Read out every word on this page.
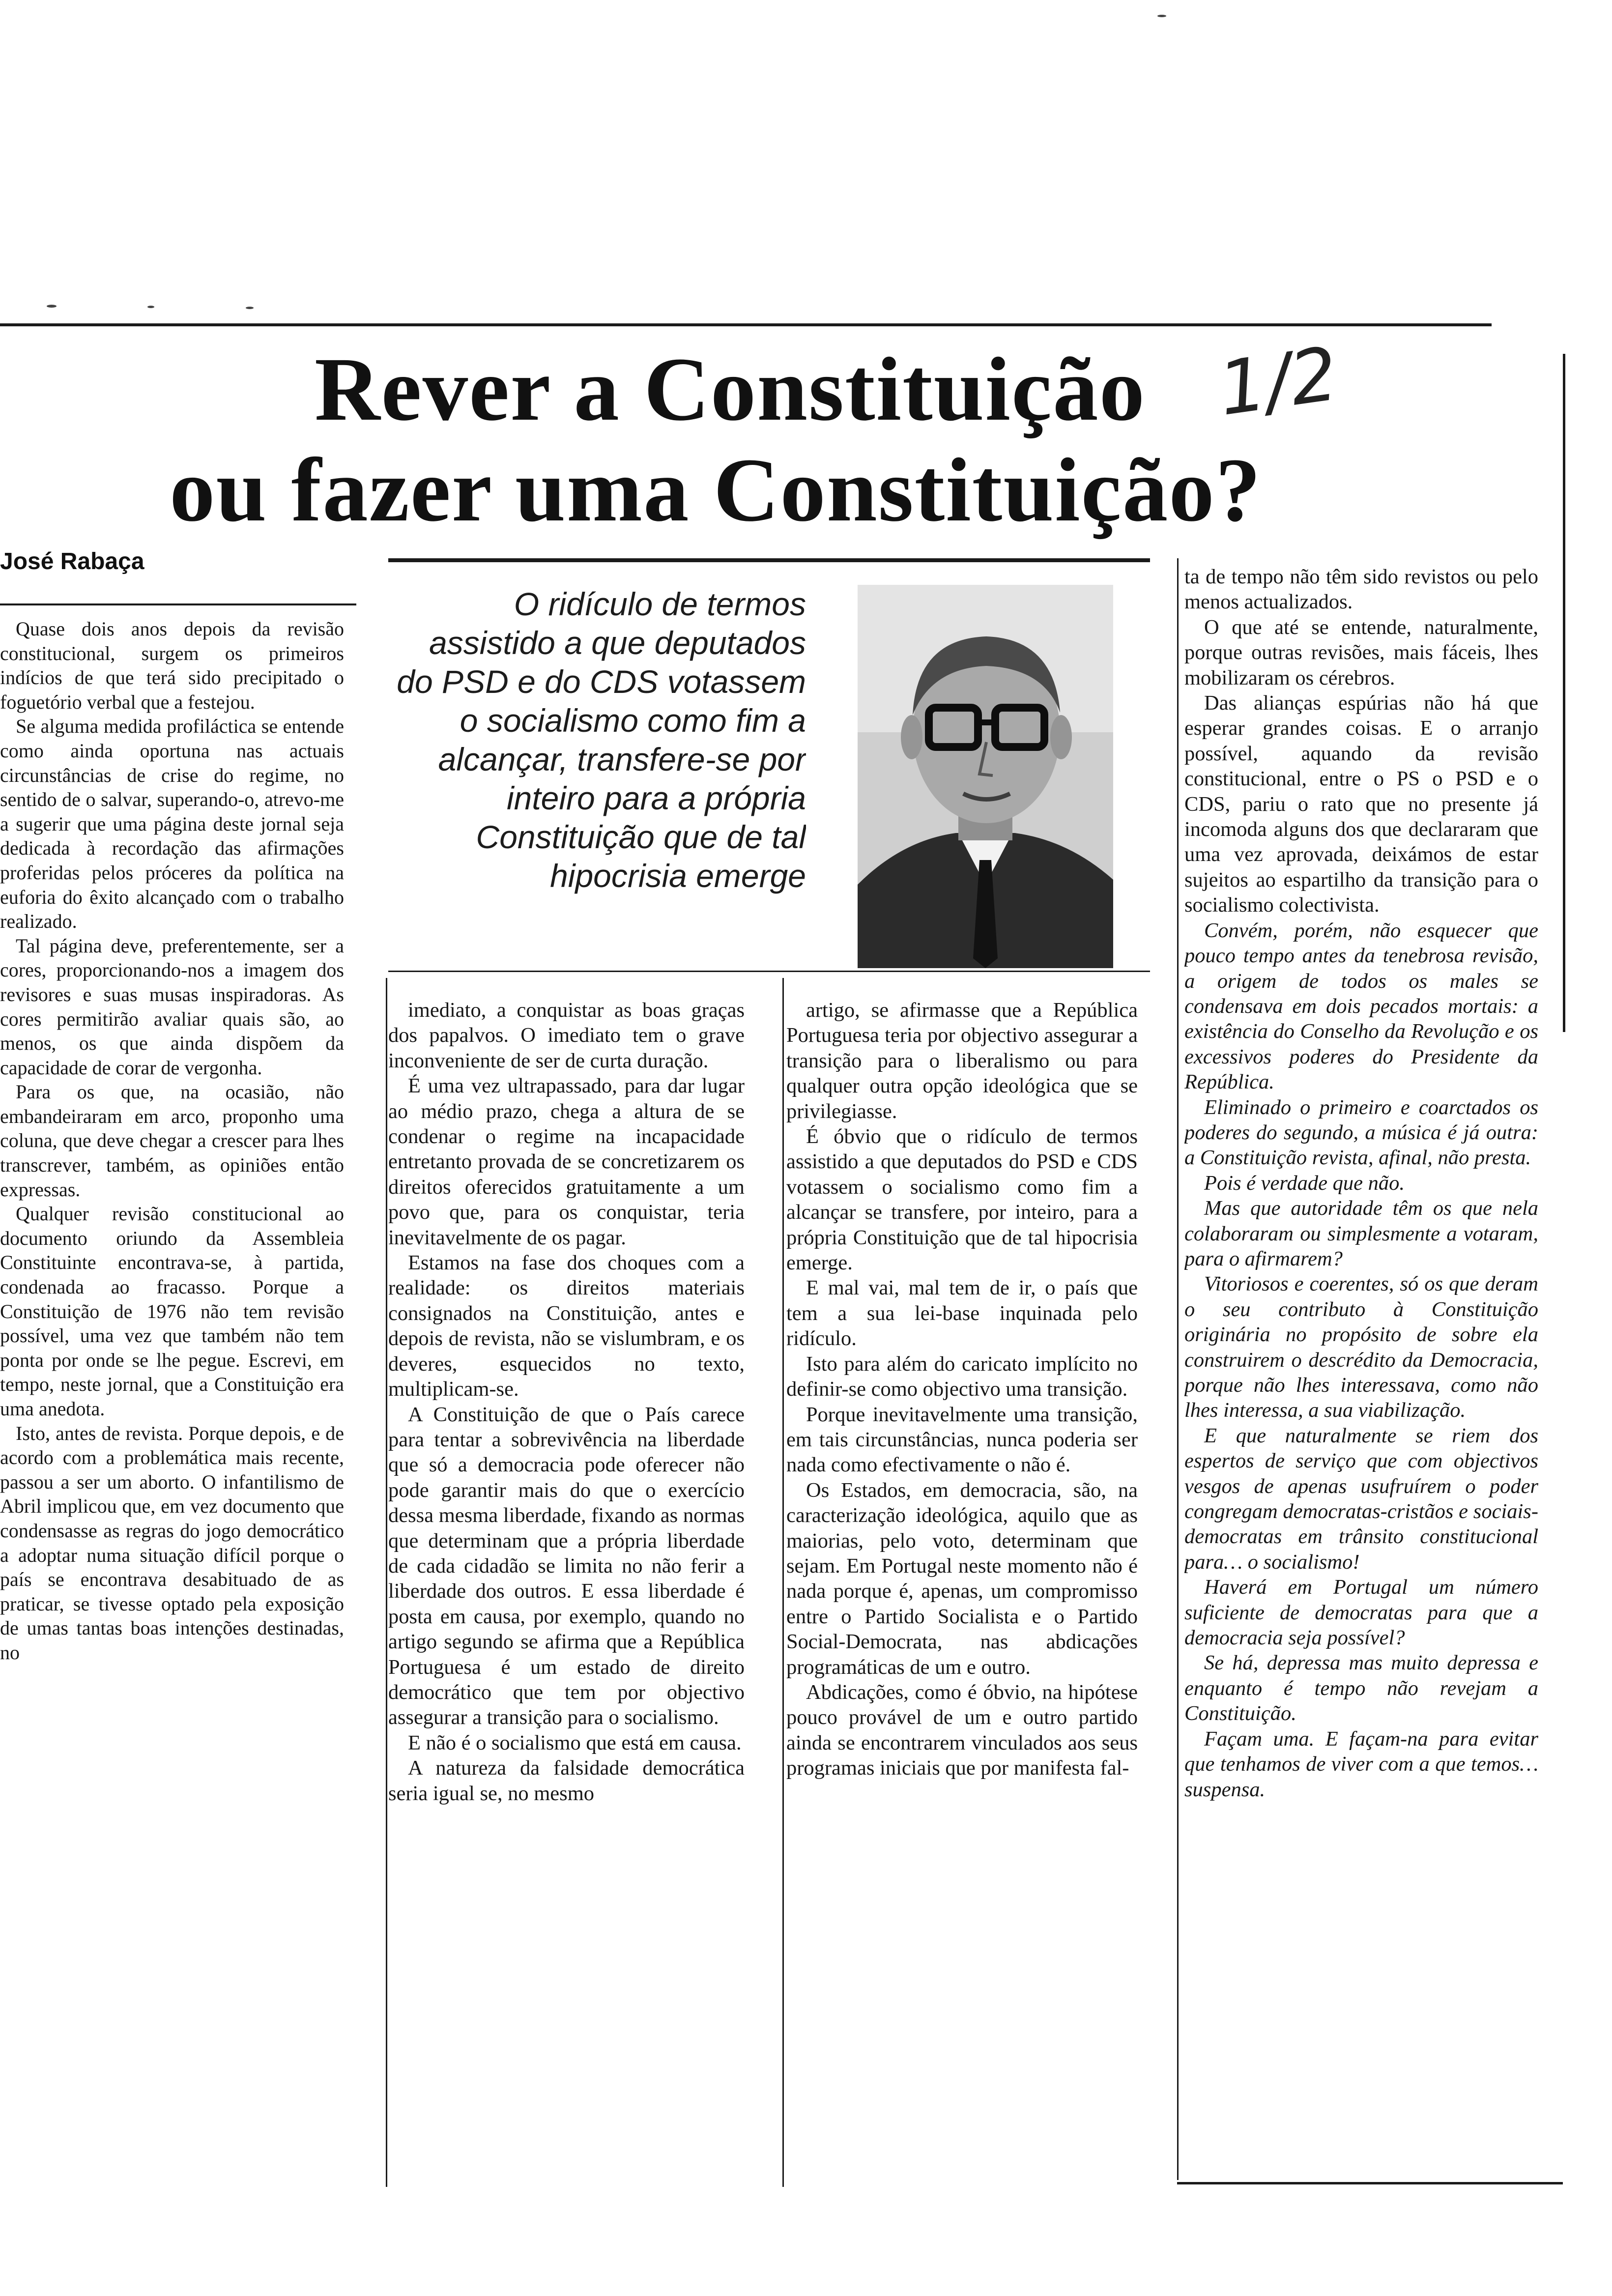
Rever a Constituição
ou fazer uma Constituição?
1/2
José Rabaça
O ridículo de termos assistido a que deputados do PSD e do CDS votassem o socialismo como fim a alcançar, transfere-se por inteiro para a própria Constituição que de tal hipocrisia emerge

Quase dois anos depois da revisão constitucional, surgem os primeiros indícios de que terá sido precipitado o foguetório verbal que a festejou.

Se alguma medida profiláctica se entende como ainda oportuna nas actuais circunstâncias de crise do regime, no sentido de o salvar, superando-o, atrevo-me a sugerir que uma página deste jornal seja dedicada à recordação das afirmações proferidas pelos próceres da política na euforia do êxito alcançado com o trabalho realizado.

Tal página deve, preferentemente, ser a cores, proporcionando-nos a imagem dos revisores e suas musas inspiradoras. As cores permitirão avaliar quais são, ao menos, os que ainda dispõem da capacidade de corar de vergonha.

Para os que, na ocasião, não embandeiraram em arco, proponho uma coluna, que deve chegar a crescer para lhes transcrever, também, as opiniões então expressas.

Qualquer revisão constitucional ao documento oriundo da Assembleia Constituinte encontrava-se, à partida, condenada ao fracasso. Porque a Constituição de 1976 não tem revisão possível, uma vez que também não tem ponta por onde se lhe pegue. Escrevi, em tempo, neste jornal, que a Constituição era uma anedota.

Isto, antes de revista. Porque depois, e de acordo com a problemática mais recente, passou a ser um aborto. O infantilismo de Abril implicou que, em vez documento que condensasse as regras do jogo democrático a adoptar numa situação difícil porque o país se encontrava desabituado de as praticar, se tivesse optado pela exposição de umas tantas boas intenções destinadas, no

imediato, a conquistar as boas graças dos papalvos. O imediato tem o grave inconveniente de ser de curta duração.

É uma vez ultrapassado, para dar lugar ao médio prazo, chega a altura de se condenar o regime na incapacidade entretanto provada de se concretizarem os direitos oferecidos gratuitamente a um povo que, para os conquistar, teria inevitavelmente de os pagar.

Estamos na fase dos choques com a realidade: os direitos materiais consignados na Constituição, antes e depois de revista, não se vislumbram, e os deveres, esquecidos no texto, multiplicam-se.

A Constituição de que o País carece para tentar a sobrevivência na liberdade que só a democracia pode oferecer não pode garantir mais do que o exercício dessa mesma liberdade, fixando as normas que determinam que a própria liberdade de cada cidadão se limita no não ferir a liberdade dos outros. E essa liberdade é posta em causa, por exemplo, quando no artigo segundo se afirma que a República Portuguesa é um estado de direito democrático que tem por objectivo assegurar a transição para o socialismo.

E não é o socialismo que está em causa.

A natureza da falsidade democrática seria igual se, no mesmo

artigo, se afirmasse que a República Portuguesa teria por objectivo assegurar a transição para o liberalismo ou para qualquer outra opção ideológica que se privilegiasse.

É óbvio que o ridículo de termos assistido a que deputados do PSD e CDS votassem o socialismo como fim a alcançar se transfere, por inteiro, para a própria Constituição que de tal hipocrisia emerge.

E mal vai, mal tem de ir, o país que tem a sua lei-base inquinada pelo ridículo.

Isto para além do caricato implícito no definir-se como objectivo uma transição.

Porque inevitavelmente uma transição, em tais circunstâncias, nunca poderia ser nada como efectivamente o não é.

Os Estados, em democracia, são, na caracterização ideológica, aquilo que as maiorias, pelo voto, determinam que sejam. Em Portugal neste momento não é nada porque é, apenas, um compromisso entre o Partido Socialista e o Partido Social-Democrata, nas abdicações programáticas de um e outro.

Abdicações, como é óbvio, na hipótese pouco provável de um e outro partido ainda se encontrarem vinculados aos seus programas iniciais que por manifesta fal-

ta de tempo não têm sido revistos ou pelo menos actualizados.

O que até se entende, naturalmente, porque outras revisões, mais fáceis, lhes mobilizaram os cérebros.

Das alianças espúrias não há que esperar grandes coisas. E o arranjo possível, aquando da revisão constitucional, entre o PS o PSD e o CDS, pariu o rato que no presente já incomoda alguns dos que declararam que uma vez aprovada, deixámos de estar sujeitos ao espartilho da transição para o socialismo colectivista.

Convém, porém, não esquecer que pouco tempo antes da tenebrosa revisão, a origem de todos os males se condensava em dois pecados mortais: a existência do Conselho da Revolução e os excessivos poderes do Presidente da República.

Eliminado o primeiro e coarctados os poderes do segundo, a música é já outra: a Constituição revista, afinal, não presta.

Pois é verdade que não.

Mas que autoridade têm os que nela colaboraram ou simplesmente a votaram, para o afirmarem?

Vitoriosos e coerentes, só os que deram o seu contributo à Constituição originária no propósito de sobre ela construirem o descrédito da Democracia, porque não lhes interessava, como não lhes interessa, a sua viabilização.

E que naturalmente se riem dos espertos de serviço que com objectivos vesgos de apenas usufruírem o poder congregam democratas-cristãos e sociais-democratas em trânsito constitucional para… o socialismo!

Haverá em Portugal um número suficiente de democratas para que a democracia seja possível?

Se há, depressa mas muito depressa e enquanto é tempo não revejam a Constituição.

Façam uma. E façam-na para evitar que tenhamos de viver com a que temos… suspensa.
